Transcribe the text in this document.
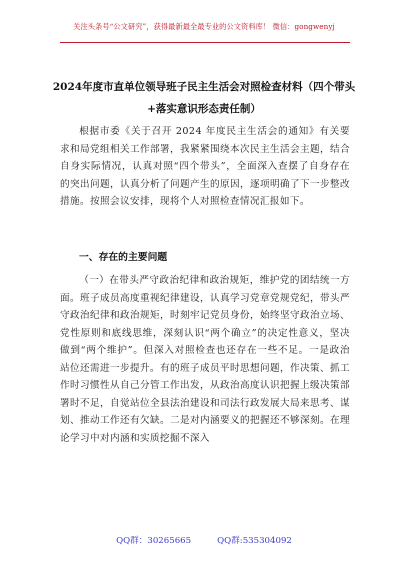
关注头条号“公文研究”，获得最新最全最专业的公文资料库！ 微信：gongwenyj
2024年度市直单位领导班子民主生活会对照检查材料（四个带头+落实意识形态责任制）
根据市委《关于召开 2024 年度民主生活会的通知》有关要求和局党组相关工作部署，我紧紧围绕本次民主生活会主题，结合自身实际情况，认真对照“四个带头”，全面深入查摆了自身存在的突出问题，认真分析了问题产生的原因，逐项明确了下一步整改措施。按照会议安排，现将个人对照检查情况汇报如下。
一、存在的主要问题
（一）在带头严守政治纪律和政治规矩，维护党的团结统一方面。班子成员高度重视纪律建设，认真学习党章党规党纪，带头严守政治纪律和政治规矩，时刻牢记党员身份，始终坚守政治立场、党性原则和底线思维，深刻认识“两个确立”的决定性意义，坚决做到“两个维护”。但深入对照检查也还存在一些不足。一是政治站位还需进一步提升。有的班子成员平时思想问题，作决策、抓工作时习惯性从自己分管工作出发，从政治高度认识把握上级决策部署时不足，自觉站位全县法治建设和司法行政发展大局来思考、谋划、推动工作还有欠缺。二是对内涵要义的把握还不够深刻。在理论学习中对内涵和实质挖掘不深入
QQ群：30265665	QQ群:535304092
